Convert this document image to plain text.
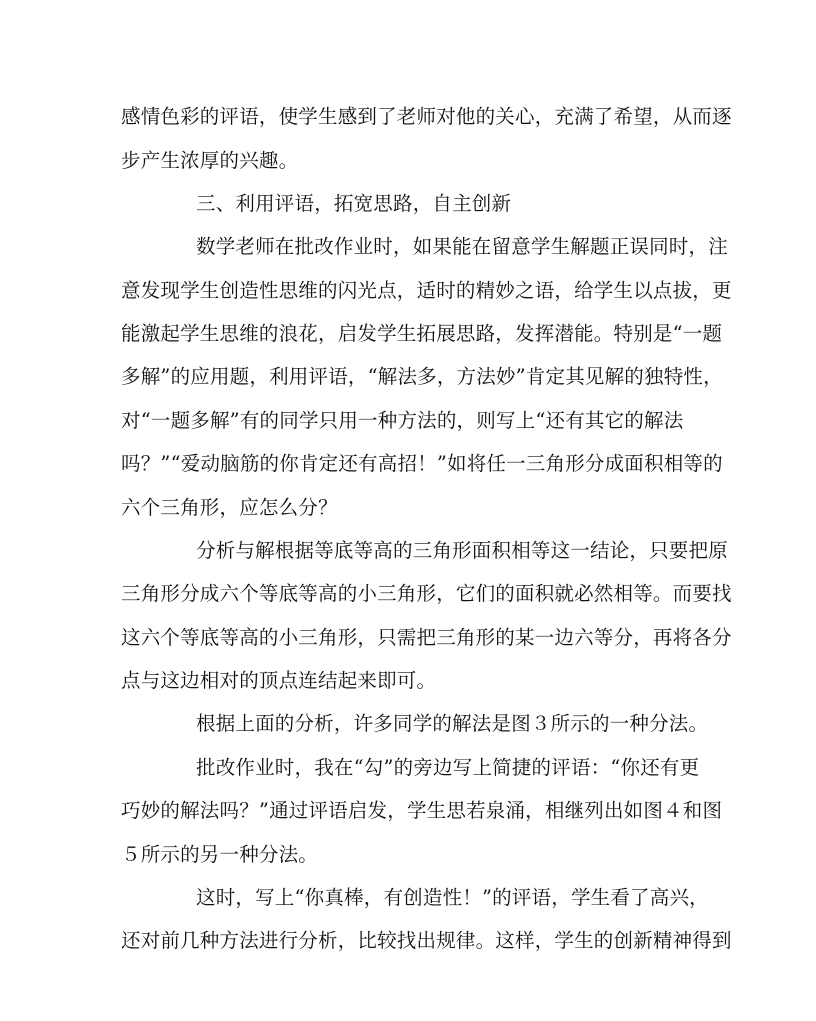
感情色彩的评语，使学生感到了老师对他的关心，充满了希望，从而逐
步产生浓厚的兴趣。
三、利用评语，拓宽思路，自主创新
数学老师在批改作业时，如果能在留意学生解题正误同时，注
意发现学生创造性思维的闪光点，适时的精妙之语，给学生以点拔，更
能激起学生思维的浪花，启发学生拓展思路，发挥潜能。特别是“一题
多解”的应用题，利用评语，“解法多，方法妙”肯定其见解的独特性，
对“一题多解”有的同学只用一种方法的，则写上“还有其它的解法
吗？”“爱动脑筋的你肯定还有高招！”如将任一三角形分成面积相等的
六个三角形，应怎么分？
分析与解根据等底等高的三角形面积相等这一结论，只要把原
三角形分成六个等底等高的小三角形，它们的面积就必然相等。而要找
这六个等底等高的小三角形，只需把三角形的某一边六等分，再将各分
点与这边相对的顶点连结起来即可。
根据上面的分析，许多同学的解法是图３所示的一种分法。
批改作业时，我在“勾”的旁边写上简捷的评语：“你还有更
巧妙的解法吗？”通过评语启发，学生思若泉涌，相继列出如图４和图
５所示的另一种分法。
这时，写上“你真棒，有创造性！”的评语，学生看了高兴，
还对前几种方法进行分析，比较找出规律。这样，学生的创新精神得到
